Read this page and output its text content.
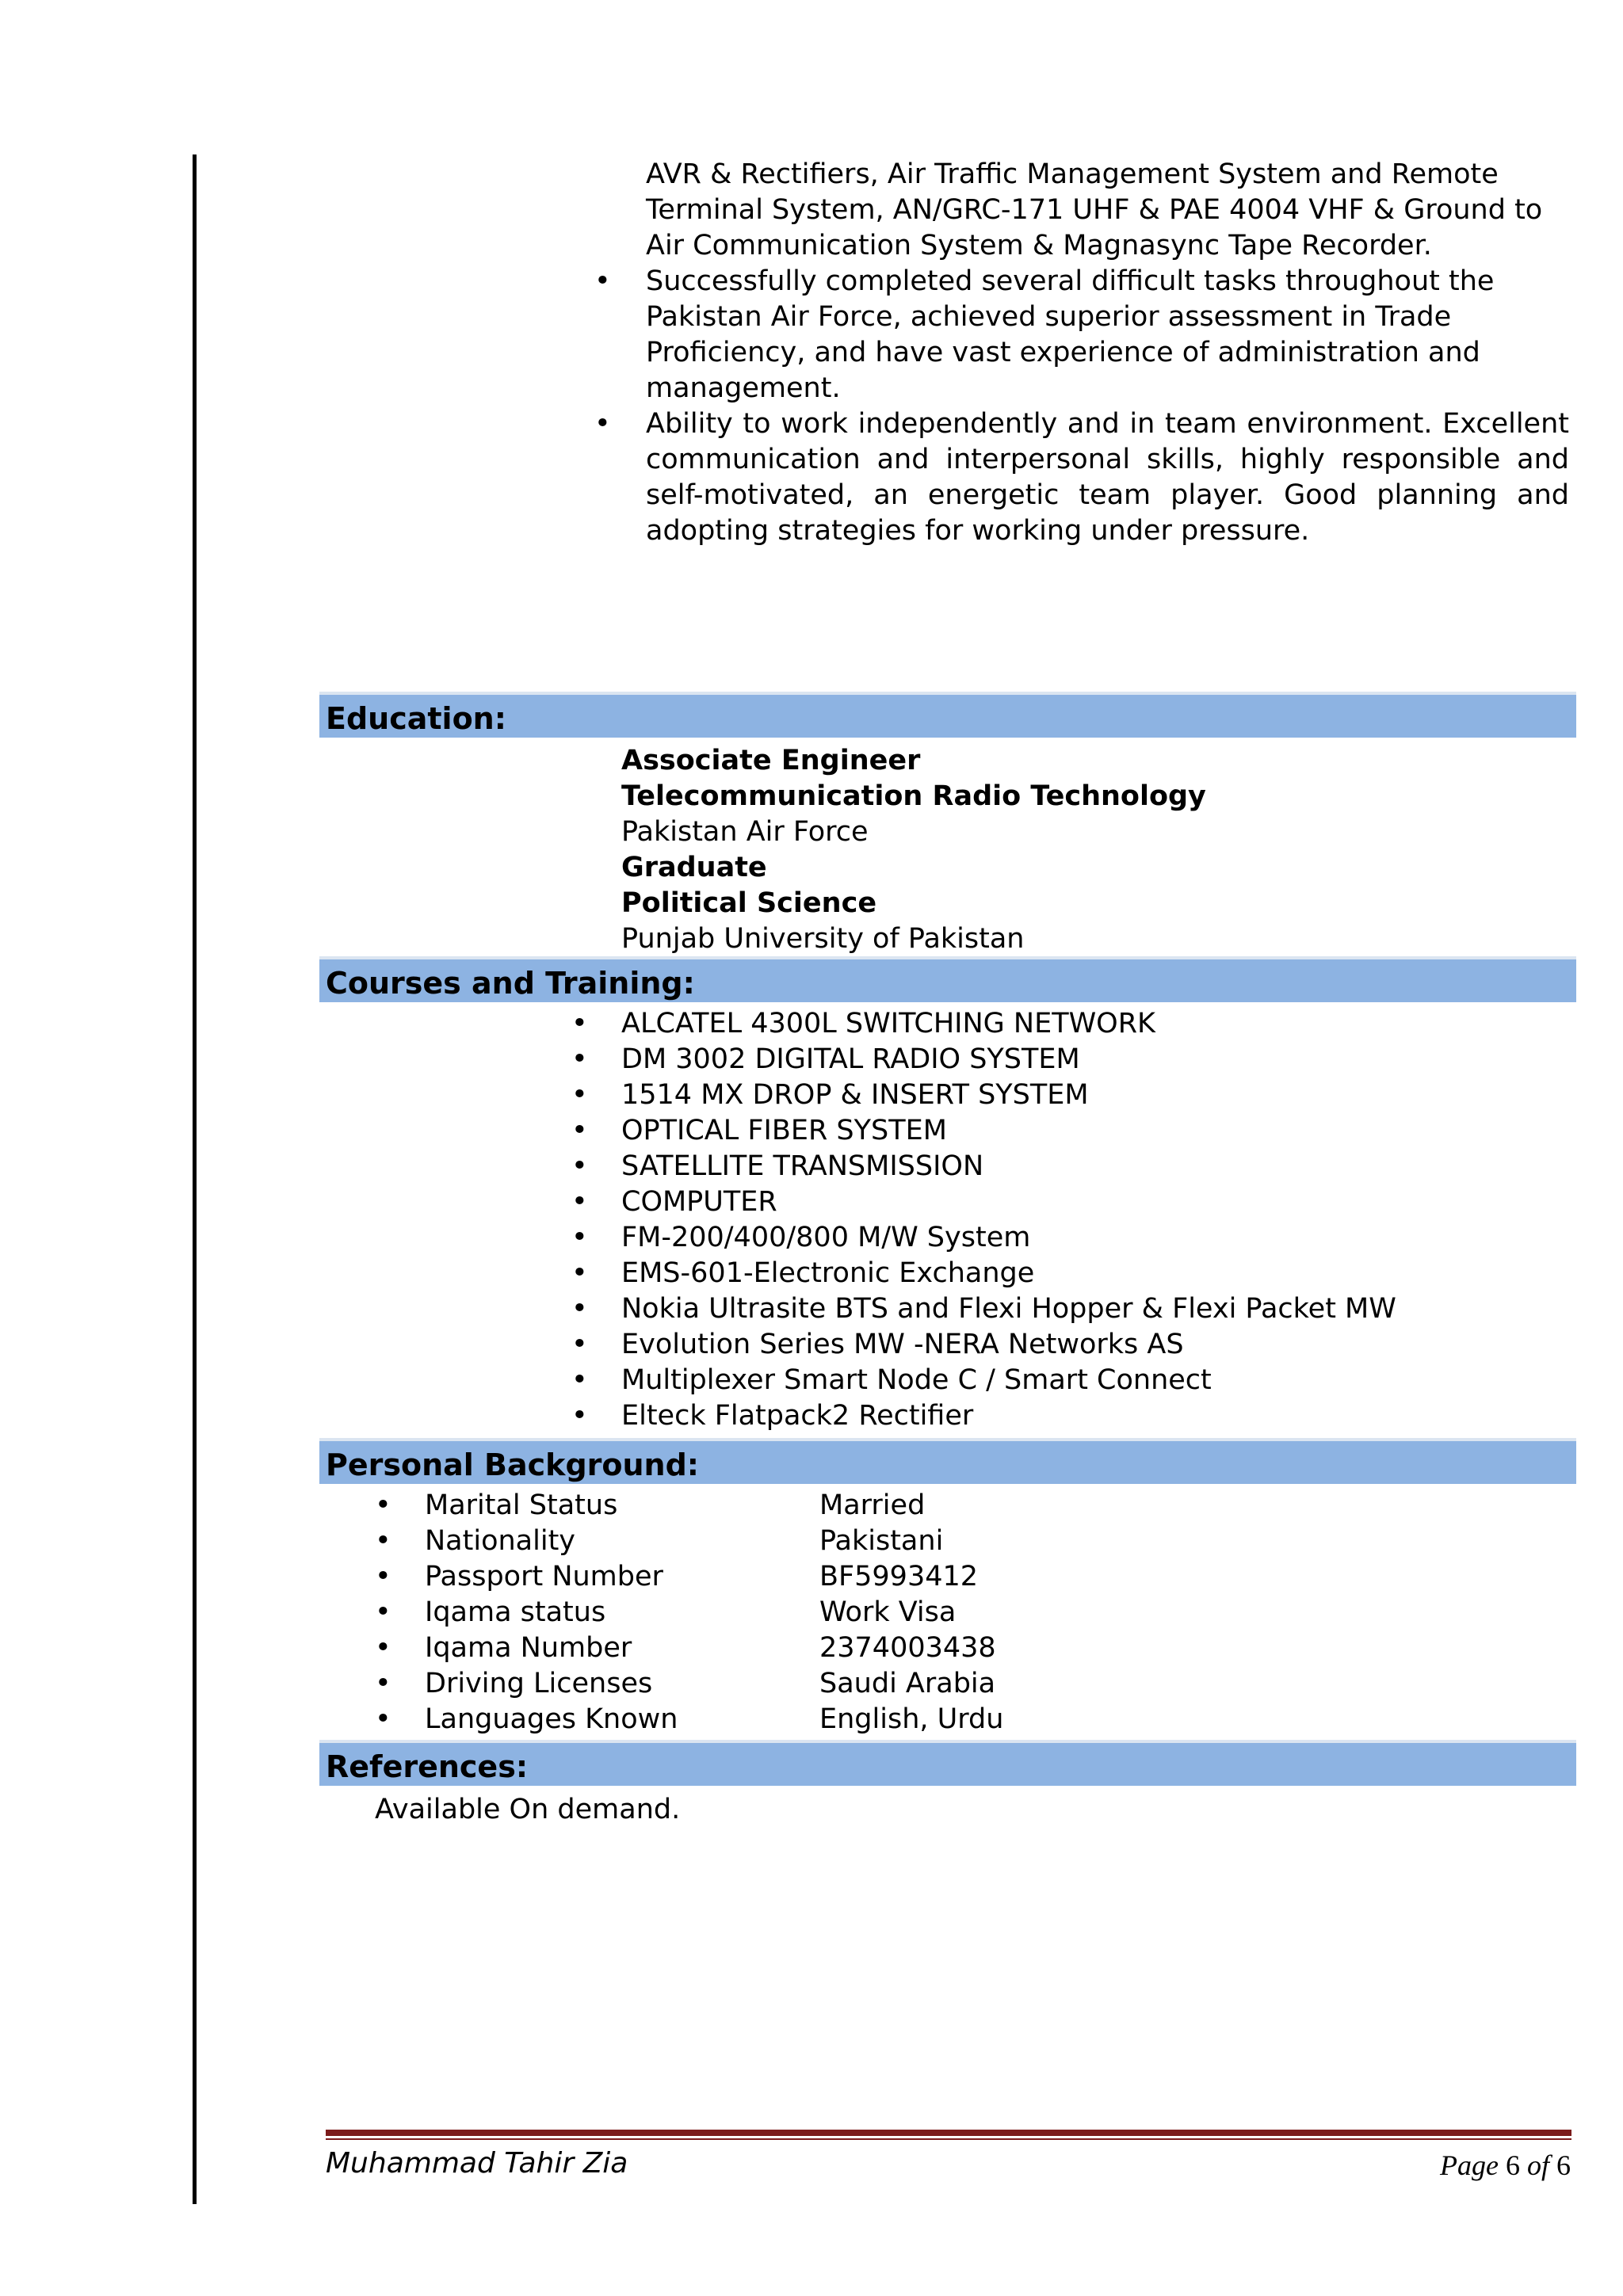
AVR & Rectifiers, Air Traffic Management System and Remote
Terminal System, AN/GRC-171 UHF & PAE 4004 VHF & Ground to
Air Communication System & Magnasync Tape Recorder.
• Successfully completed several difficult tasks throughout the
Pakistan Air Force, achieved superior assessment in Trade
Proficiency, and have vast experience of administration and
management.
• Ability to work independently and in team environment. Excellent communication and interpersonal skills, highly responsible and self-motivated, an energetic team player. Good planning and adopting strategies for working under pressure.
Education:
Associate Engineer
Telecommunication Radio Technology
Pakistan Air Force
Graduate
Political Science
Punjab University of Pakistan
Courses and Training:
• ALCATEL 4300L SWITCHING NETWORK
• DM 3002 DIGITAL RADIO SYSTEM
• 1514 MX DROP & INSERT SYSTEM
• OPTICAL FIBER SYSTEM
• SATELLITE TRANSMISSION
• COMPUTER
• FM-200/400/800 M/W System
• EMS-601-Electronic Exchange
• Nokia Ultrasite BTS and Flexi Hopper & Flexi Packet MW
• Evolution Series MW -NERA Networks AS
• Multiplexer Smart Node C / Smart Connect
• Elteck Flatpack2 Rectifier
Personal Background:
• Marital Status	Married
• Nationality	Pakistani
• Passport Number	BF5993412
• Iqama status	Work Visa
• Iqama Number	2374003438
• Driving Licenses	Saudi Arabia
• Languages Known	English, Urdu
References:
Available On demand.
Muhammad Tahir Zia	Page 6 of 6
